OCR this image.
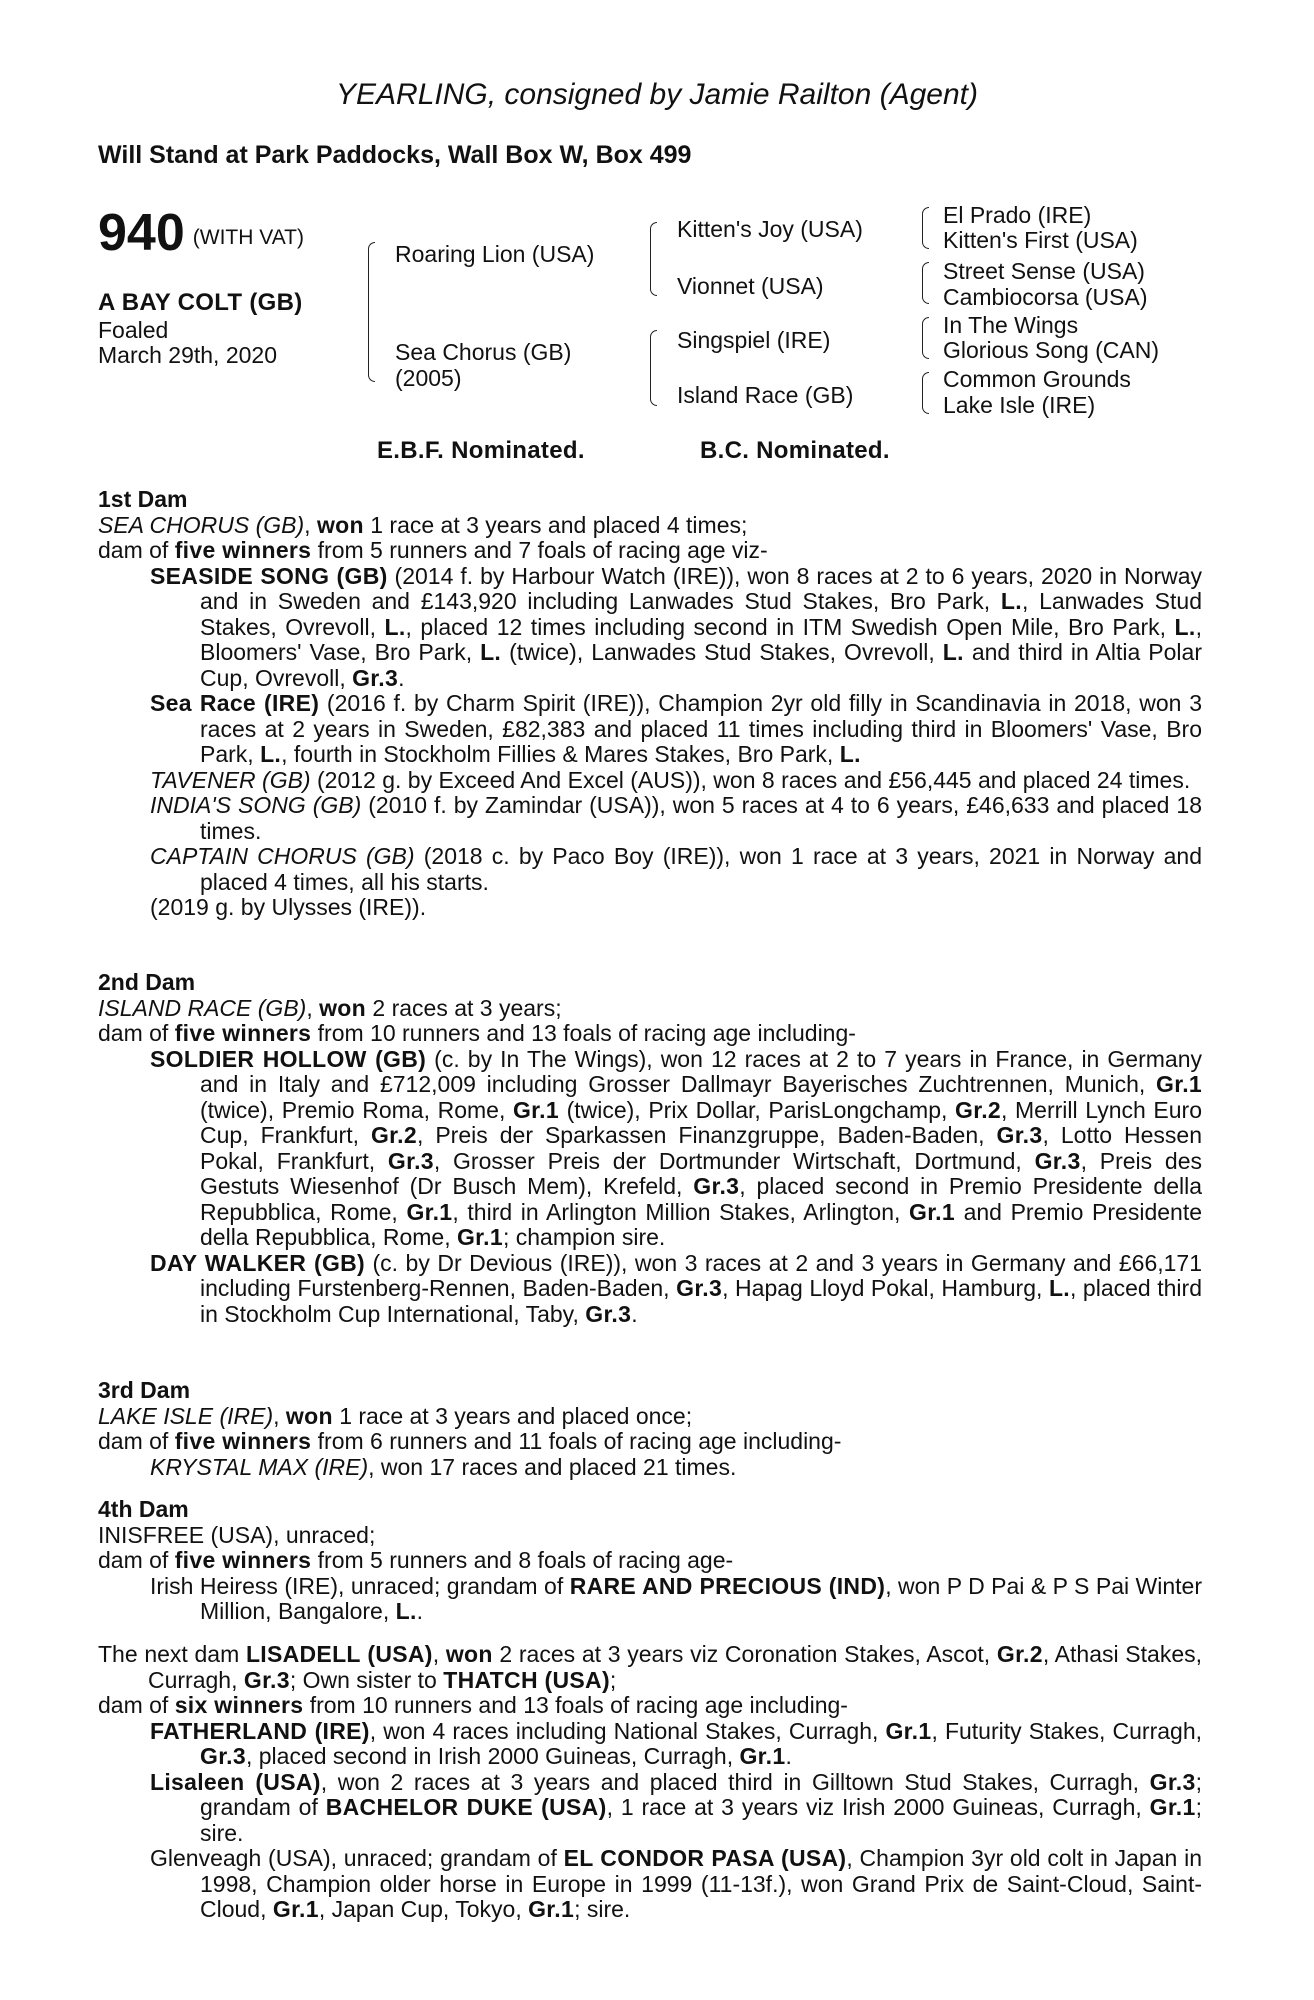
YEARLING, consigned by Jamie Railton (Agent)
Will Stand at Park Paddocks, Wall Box W, Box 499
940 (WITH VAT)
A BAY COLT (GB)
Foaled
March 29th, 2020
Roaring Lion (USA)
Sea Chorus (GB)
(2005)
Kitten's Joy (USA)
Vionnet (USA)
Singspiel (IRE)
Island Race (GB)
El Prado (IRE)
Kitten's First (USA)
Street Sense (USA)
Cambiocorsa (USA)
In The Wings
Glorious Song (CAN)
Common Grounds
Lake Isle (IRE)
E.B.F. Nominated.	B.C. Nominated.

1st Dam

SEA CHORUS (GB), won 1 race at 3 years and placed 4 times;

dam of five winners from 5 runners and 7 foals of racing age viz-

SEASIDE SONG (GB) (2014 f. by Harbour Watch (IRE)), won 8 races at 2 to 6 years, 2020 in Norway and in Sweden and £143,920 including Lanwades Stud Stakes, Bro Park, L., Lanwades Stud Stakes, Ovrevoll, L., placed 12 times including second in ITM Swedish Open Mile, Bro Park, L., Bloomers' Vase, Bro Park, L. (twice), Lanwades Stud Stakes, Ovrevoll, L. and third in Altia Polar Cup, Ovrevoll, Gr.3.

Sea Race (IRE) (2016 f. by Charm Spirit (IRE)), Champion 2yr old filly in Scandinavia in 2018, won 3 races at 2 years in Sweden, £82,383 and placed 11 times including third in Bloomers' Vase, Bro Park, L., fourth in Stockholm Fillies & Mares Stakes, Bro Park, L.

TAVENER (GB) (2012 g. by Exceed And Excel (AUS)), won 8 races and £56,445 and placed 24 times.

INDIA'S SONG (GB) (2010 f. by Zamindar (USA)), won 5 races at 4 to 6 years, £46,633 and placed 18 times.

CAPTAIN CHORUS (GB) (2018 c. by Paco Boy (IRE)), won 1 race at 3 years, 2021 in Norway and placed 4 times, all his starts.

(2019 g. by Ulysses (IRE)).

2nd Dam

ISLAND RACE (GB), won 2 races at 3 years;

dam of five winners from 10 runners and 13 foals of racing age including-

SOLDIER HOLLOW (GB) (c. by In The Wings), won 12 races at 2 to 7 years in France, in Germany and in Italy and £712,009 including Grosser Dallmayr Bayerisches Zuchtrennen, Munich, Gr.1 (twice), Premio Roma, Rome, Gr.1 (twice), Prix Dollar, ParisLongchamp, Gr.2, Merrill Lynch Euro Cup, Frankfurt, Gr.2, Preis der Sparkassen Finanzgruppe, Baden-Baden, Gr.3, Lotto Hessen Pokal, Frankfurt, Gr.3, Grosser Preis der Dortmunder Wirtschaft, Dortmund, Gr.3, Preis des Gestuts Wiesenhof (Dr Busch Mem), Krefeld, Gr.3, placed second in Premio Presidente della Repubblica, Rome, Gr.1, third in Arlington Million Stakes, Arlington, Gr.1 and Premio Presidente della Repubblica, Rome, Gr.1; champion sire.

DAY WALKER (GB) (c. by Dr Devious (IRE)), won 3 races at 2 and 3 years in Germany and £66,171 including Furstenberg-Rennen, Baden-Baden, Gr.3, Hapag Lloyd Pokal, Hamburg, L., placed third in Stockholm Cup International, Taby, Gr.3.

3rd Dam

LAKE ISLE (IRE), won 1 race at 3 years and placed once;

dam of five winners from 6 runners and 11 foals of racing age including-

KRYSTAL MAX (IRE), won 17 races and placed 21 times.

4th Dam

INISFREE (USA), unraced;

dam of five winners from 5 runners and 8 foals of racing age-

Irish Heiress (IRE), unraced; grandam of RARE AND PRECIOUS (IND), won P D Pai & P S Pai Winter Million, Bangalore, L..

The next dam LISADELL (USA), won 2 races at 3 years viz Coronation Stakes, Ascot, Gr.2, Athasi Stakes, Curragh, Gr.3; Own sister to THATCH (USA);

dam of six winners from 10 runners and 13 foals of racing age including-

FATHERLAND (IRE), won 4 races including National Stakes, Curragh, Gr.1, Futurity Stakes, Curragh, Gr.3, placed second in Irish 2000 Guineas, Curragh, Gr.1.

Lisaleen (USA), won 2 races at 3 years and placed third in Gilltown Stud Stakes, Curragh, Gr.3; grandam of BACHELOR DUKE (USA), 1 race at 3 years viz Irish 2000 Guineas, Curragh, Gr.1; sire.

Glenveagh (USA), unraced; grandam of EL CONDOR PASA (USA), Champion 3yr old colt in Japan in 1998, Champion older horse in Europe in 1999 (11-13f.), won Grand Prix de Saint-Cloud, Saint-Cloud, Gr.1, Japan Cup, Tokyo, Gr.1; sire.
